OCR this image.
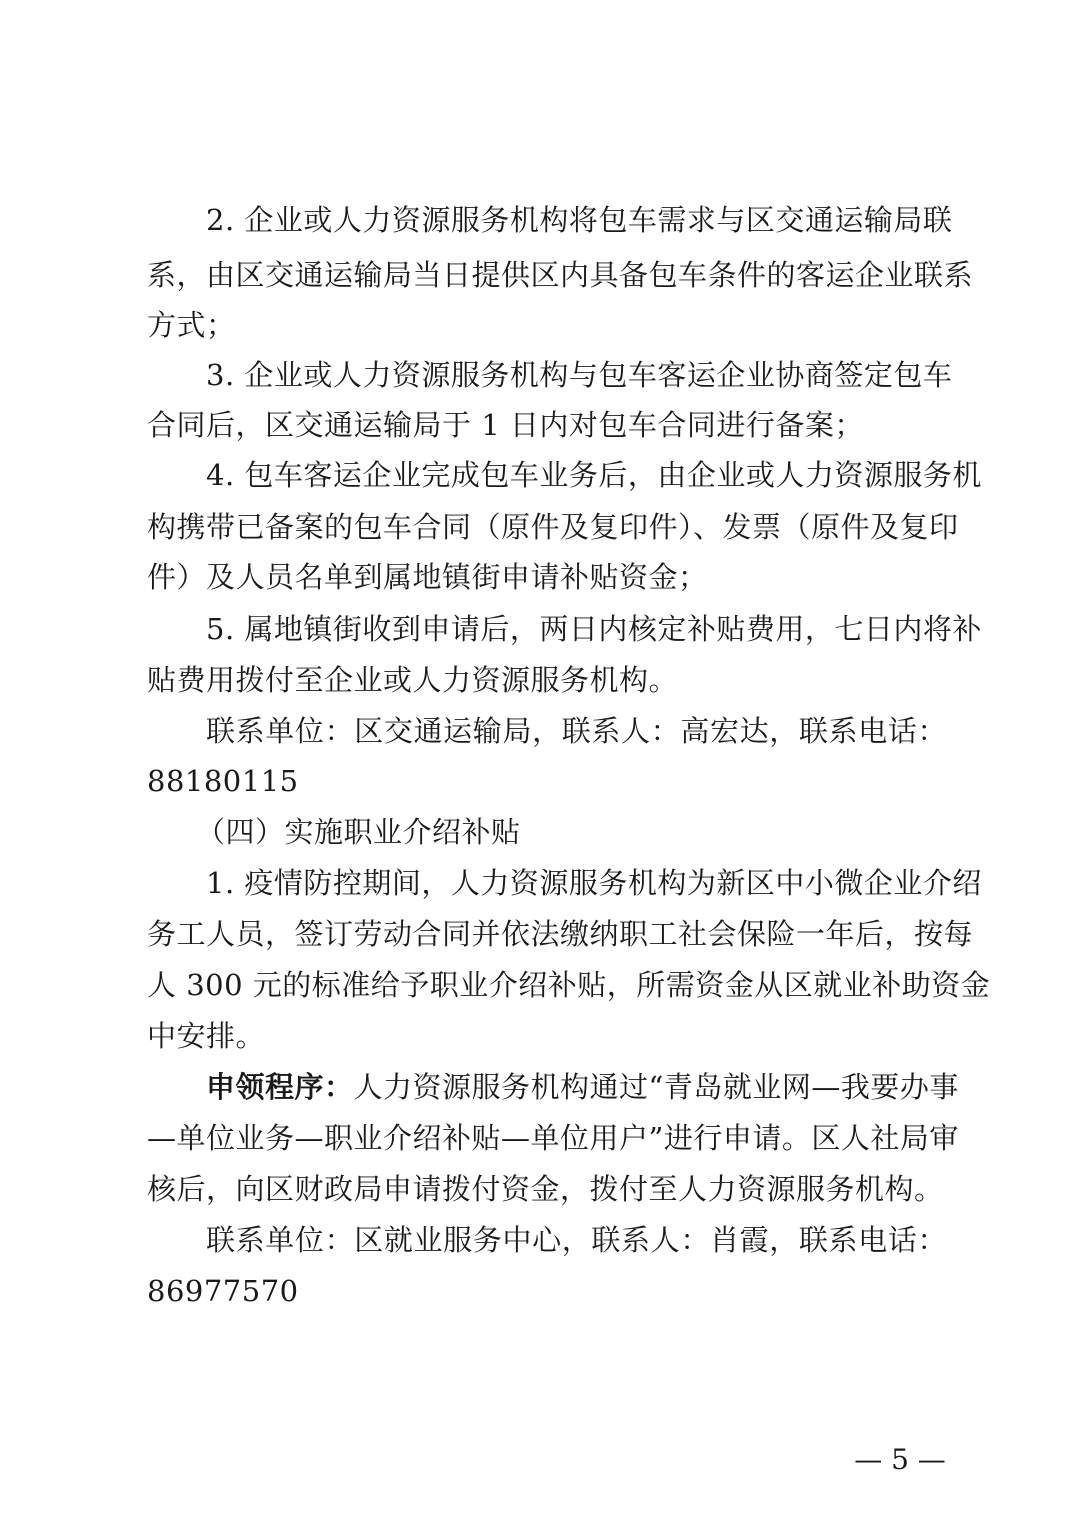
2. 企业或人力资源服务机构将包车需求与区交通运输局联
系，由区交通运输局当日提供区内具备包车条件的客运企业联系
方式；
3. 企业或人力资源服务机构与包车客运企业协商签定包车
合同后，区交通运输局于 1 日内对包车合同进行备案；
4. 包车客运企业完成包车业务后，由企业或人力资源服务机
构携带已备案的包车合同（原件及复印件）、发票（原件及复印
件）及人员名单到属地镇街申请补贴资金；
5. 属地镇街收到申请后，两日内核定补贴费用，七日内将补
贴费用拨付至企业或人力资源服务机构。
联系单位：区交通运输局，联系人：高宏达，联系电话：
88180115
（四）实施职业介绍补贴
1. 疫情防控期间，人力资源服务机构为新区中小微企业介绍
务工人员，签订劳动合同并依法缴纳职工社会保险一年后，按每
人 300 元的标准给予职业介绍补贴，所需资金从区就业补助资金
中安排。
申领程序： 人力资源服务机构通过“青岛就业网—我要办事
—单位业务—职业介绍补贴—单位用户”进行申请。区人社局审
核后，向区财政局申请拨付资金，拨付至人力资源服务机构。
联系单位：区就业服务中心，联系人：肖霞，联系电话：
86977570
— 5 —
